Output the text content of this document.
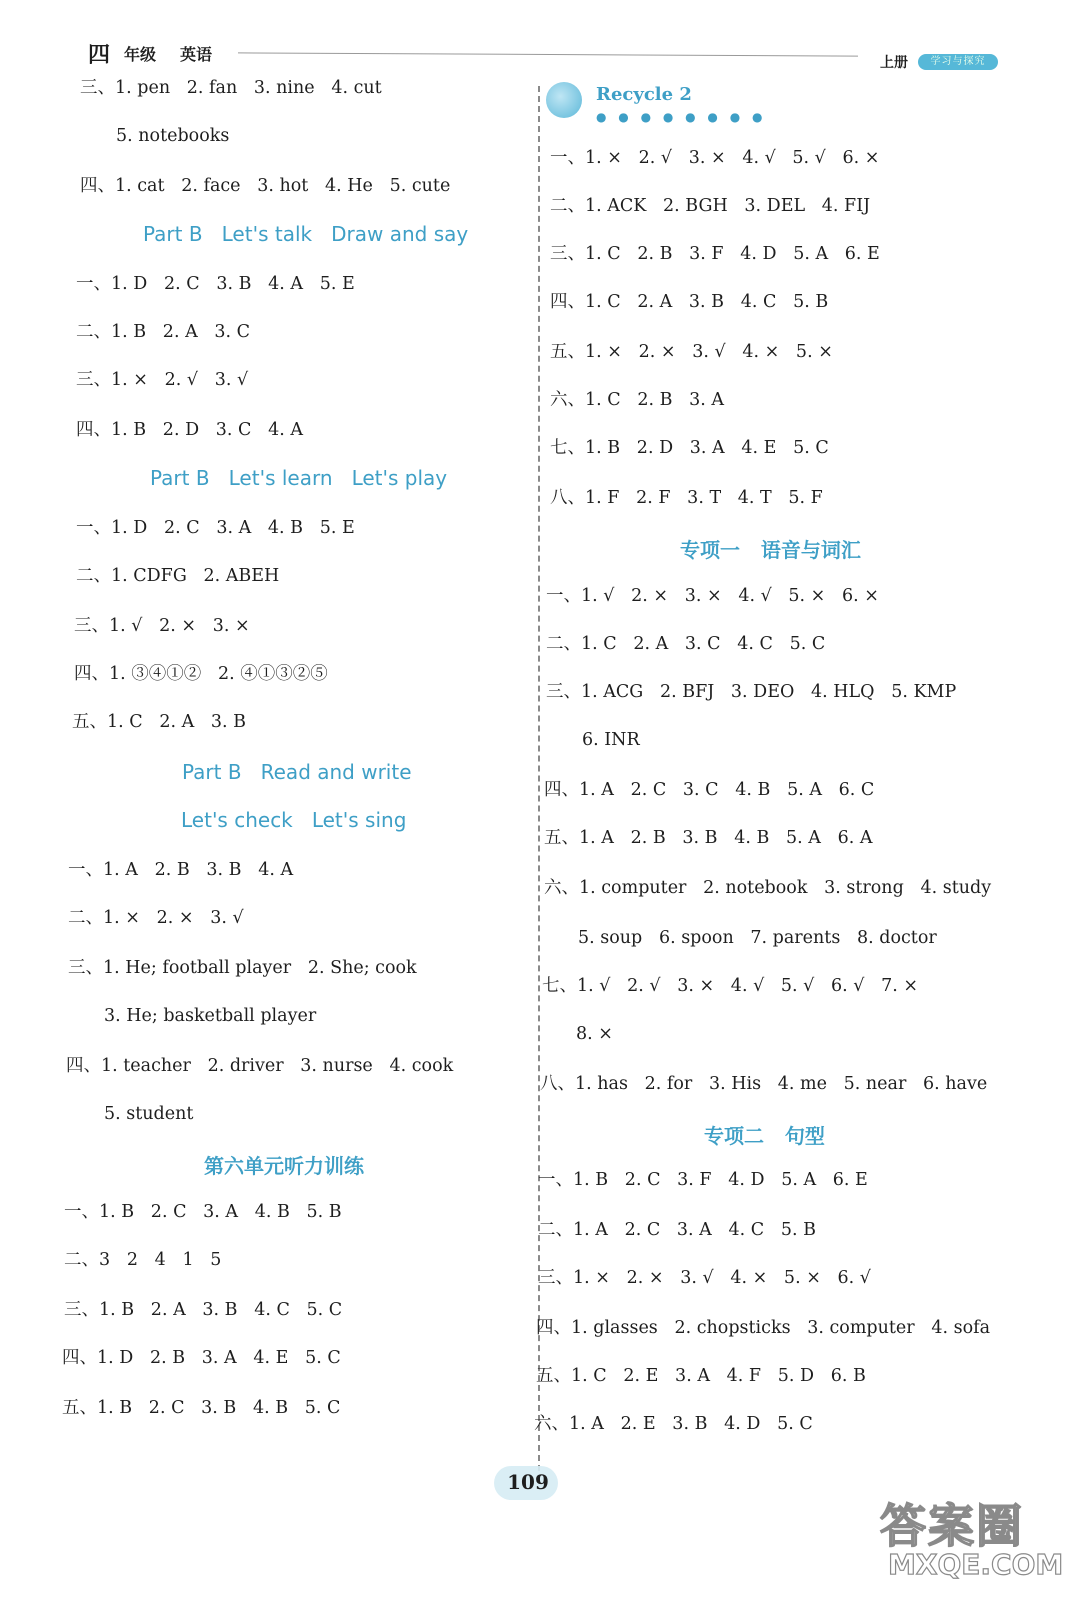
四 年级 英语	上册	学习与探究
三、1. pen   2. fan   3. nine   4. cut
5. notebooks
四、1. cat   2. face   3. hot   4. He   5. cute
Part B   Let's talk   Draw and say
一、1. D   2. C   3. B   4. A   5. E
二、1. B   2. A   3. C
三、1. ×   2. √   3. √
四、1. B   2. D   3. C   4. A
Part B   Let's learn   Let's play
一、1. D   2. C   3. A   4. B   5. E
二、1. CDFG   2. ABEH
三、1. √   2. ×   3. ×
四、1. ③④①②   2. ④①③②⑤
五、1. C   2. A   3. B
Part B   Read and write
Let's check   Let's sing
一、1. A   2. B   3. B   4. A
二、1. ×   2. ×   3. √
三、1. He; football player   2. She; cook
3. He; basketball player
四、1. teacher   2. driver   3. nurse   4. cook
5. student
第六单元听力训练
一、1. B   2. C   3. A   4. B   5. B
二、3   2   4   1   5
三、1. B   2. A   3. B   4. C   5. C
四、1. D   2. B   3. A   4. E   5. C
五、1. B   2. C   3. B   4. B   5. C
Recycle 2
● ● ● ● ● ● ● ●
一、1. ×   2. √   3. ×   4. √   5. √   6. ×
二、1. ACK   2. BGH   3. DEL   4. FIJ
三、1. C   2. B   3. F   4. D   5. A   6. E
四、1. C   2. A   3. B   4. C   5. B
五、1. ×   2. ×   3. √   4. ×   5. ×
六、1. C   2. B   3. A
七、1. B   2. D   3. A   4. E   5. C
八、1. F   2. F   3. T   4. T   5. F
专项一   语音与词汇
一、1. √   2. ×   3. ×   4. √   5. ×   6. ×
二、1. C   2. A   3. C   4. C   5. C
三、1. ACG   2. BFJ   3. DEO   4. HLQ   5. KMP
6. INR
四、1. A   2. C   3. C   4. B   5. A   6. C
五、1. A   2. B   3. B   4. B   5. A   6. A
六、1. computer   2. notebook   3. strong   4. study
5. soup   6. spoon   7. parents   8. doctor
七、1. √   2. √   3. ×   4. √   5. √   6. √   7. ×
8. ×
八、1. has   2. for   3. His   4. me   5. near   6. have
专项二   句型
一、1. B   2. C   3. F   4. D   5. A   6. E
二、1. A   2. C   3. A   4. C   5. B
三、1. ×   2. ×   3. √   4. ×   5. ×   6. √
四、1. glasses   2. chopsticks   3. computer   4. sofa
五、1. C   2. E   3. A   4. F   5. D   6. B
六、1. A   2. E   3. B   4. D   5. C
109
答案圈
MXQE.COM
